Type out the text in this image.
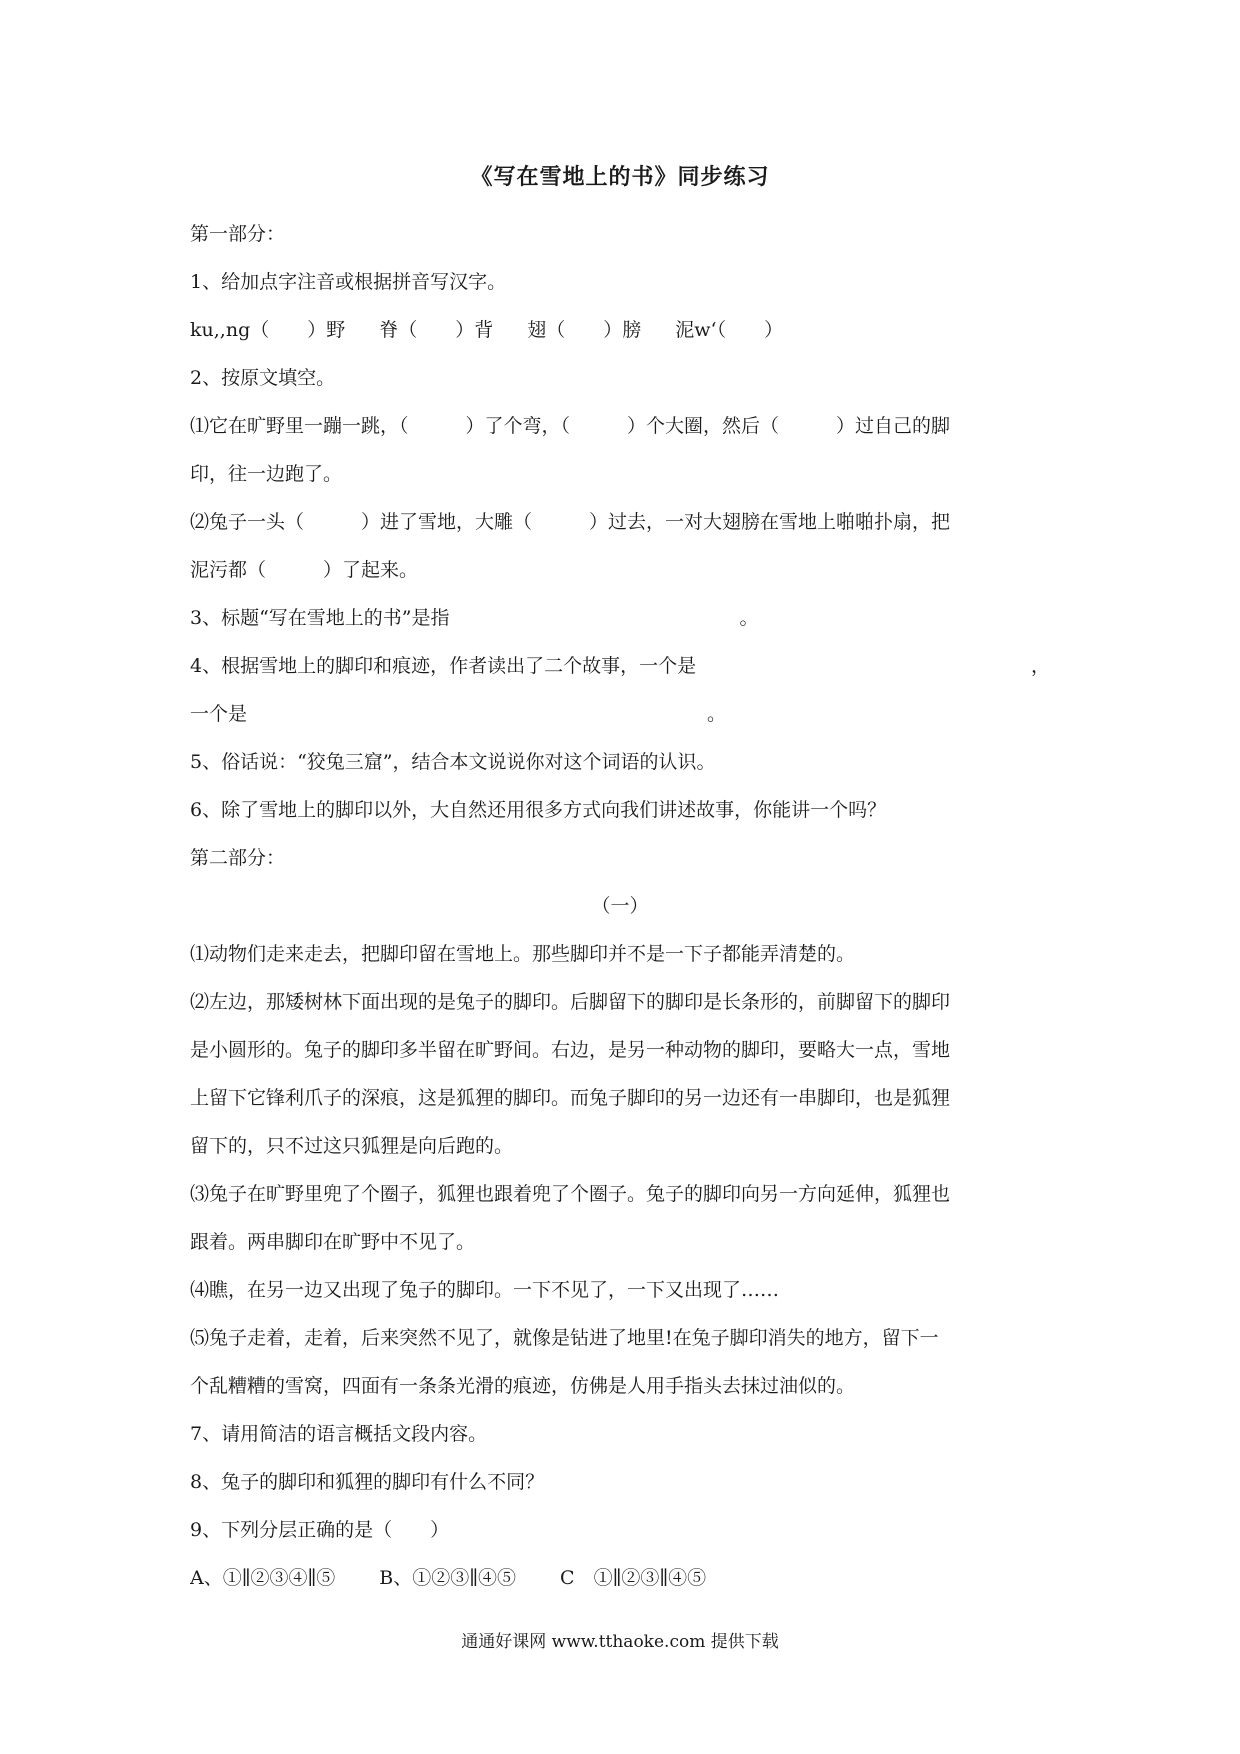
《写在雪地上的书》同步练习
第一部分：
1、给加点字注音或根据拼音写汉字。
ku,,ng（　　）野 脊（　　）背 翅（　　）膀 泥w‘（　　）
2、按原文填空。
⑴它在旷野里一蹦一跳，（　　　）了个弯，（　　　）个大圈，然后（　　　）过自己的脚
印，往一边跑了。
⑵兔子一头（　　　）进了雪地，大雕（　　　）过去，一对大翅膀在雪地上啪啪扑扇，把
泥污都（　　　）了起来。
3、标题“写在雪地上的书”是指	。
4、根据雪地上的脚印和痕迹，作者读出了二个故事，一个是	，
一个是	。
5、俗话说：“狡兔三窟”，结合本文说说你对这个词语的认识。
6、除了雪地上的脚印以外，大自然还用很多方式向我们讲述故事，你能讲一个吗？
第二部分：
（一）
⑴动物们走来走去，把脚印留在雪地上。那些脚印并不是一下子都能弄清楚的。
⑵左边，那矮树林下面出现的是兔子的脚印。后脚留下的脚印是长条形的，前脚留下的脚印
是小圆形的。兔子的脚印多半留在旷野间。右边，是另一种动物的脚印，要略大一点，雪地
上留下它锋利爪子的深痕，这是狐狸的脚印。而兔子脚印的另一边还有一串脚印，也是狐狸
留下的，只不过这只狐狸是向后跑的。
⑶兔子在旷野里兜了个圈子，狐狸也跟着兜了个圈子。兔子的脚印向另一方向延伸，狐狸也
跟着。两串脚印在旷野中不见了。
⑷瞧，在另一边又出现了兔子的脚印。一下不见了，一下又出现了……
⑸兔子走着，走着，后来突然不见了，就像是钻进了地里!在兔子脚印消失的地方，留下一
个乱糟糟的雪窝，四面有一条条光滑的痕迹，仿佛是人用手指头去抹过油似的。
7、请用简洁的语言概括文段内容。
8、兔子的脚印和狐狸的脚印有什么不同？
9、下列分层正确的是（　　）
A、①∥②③④∥⑤ B、①②③∥④⑤ C　①∥②③∥④⑤
通通好课网 www.tthaoke.com 提供下载
